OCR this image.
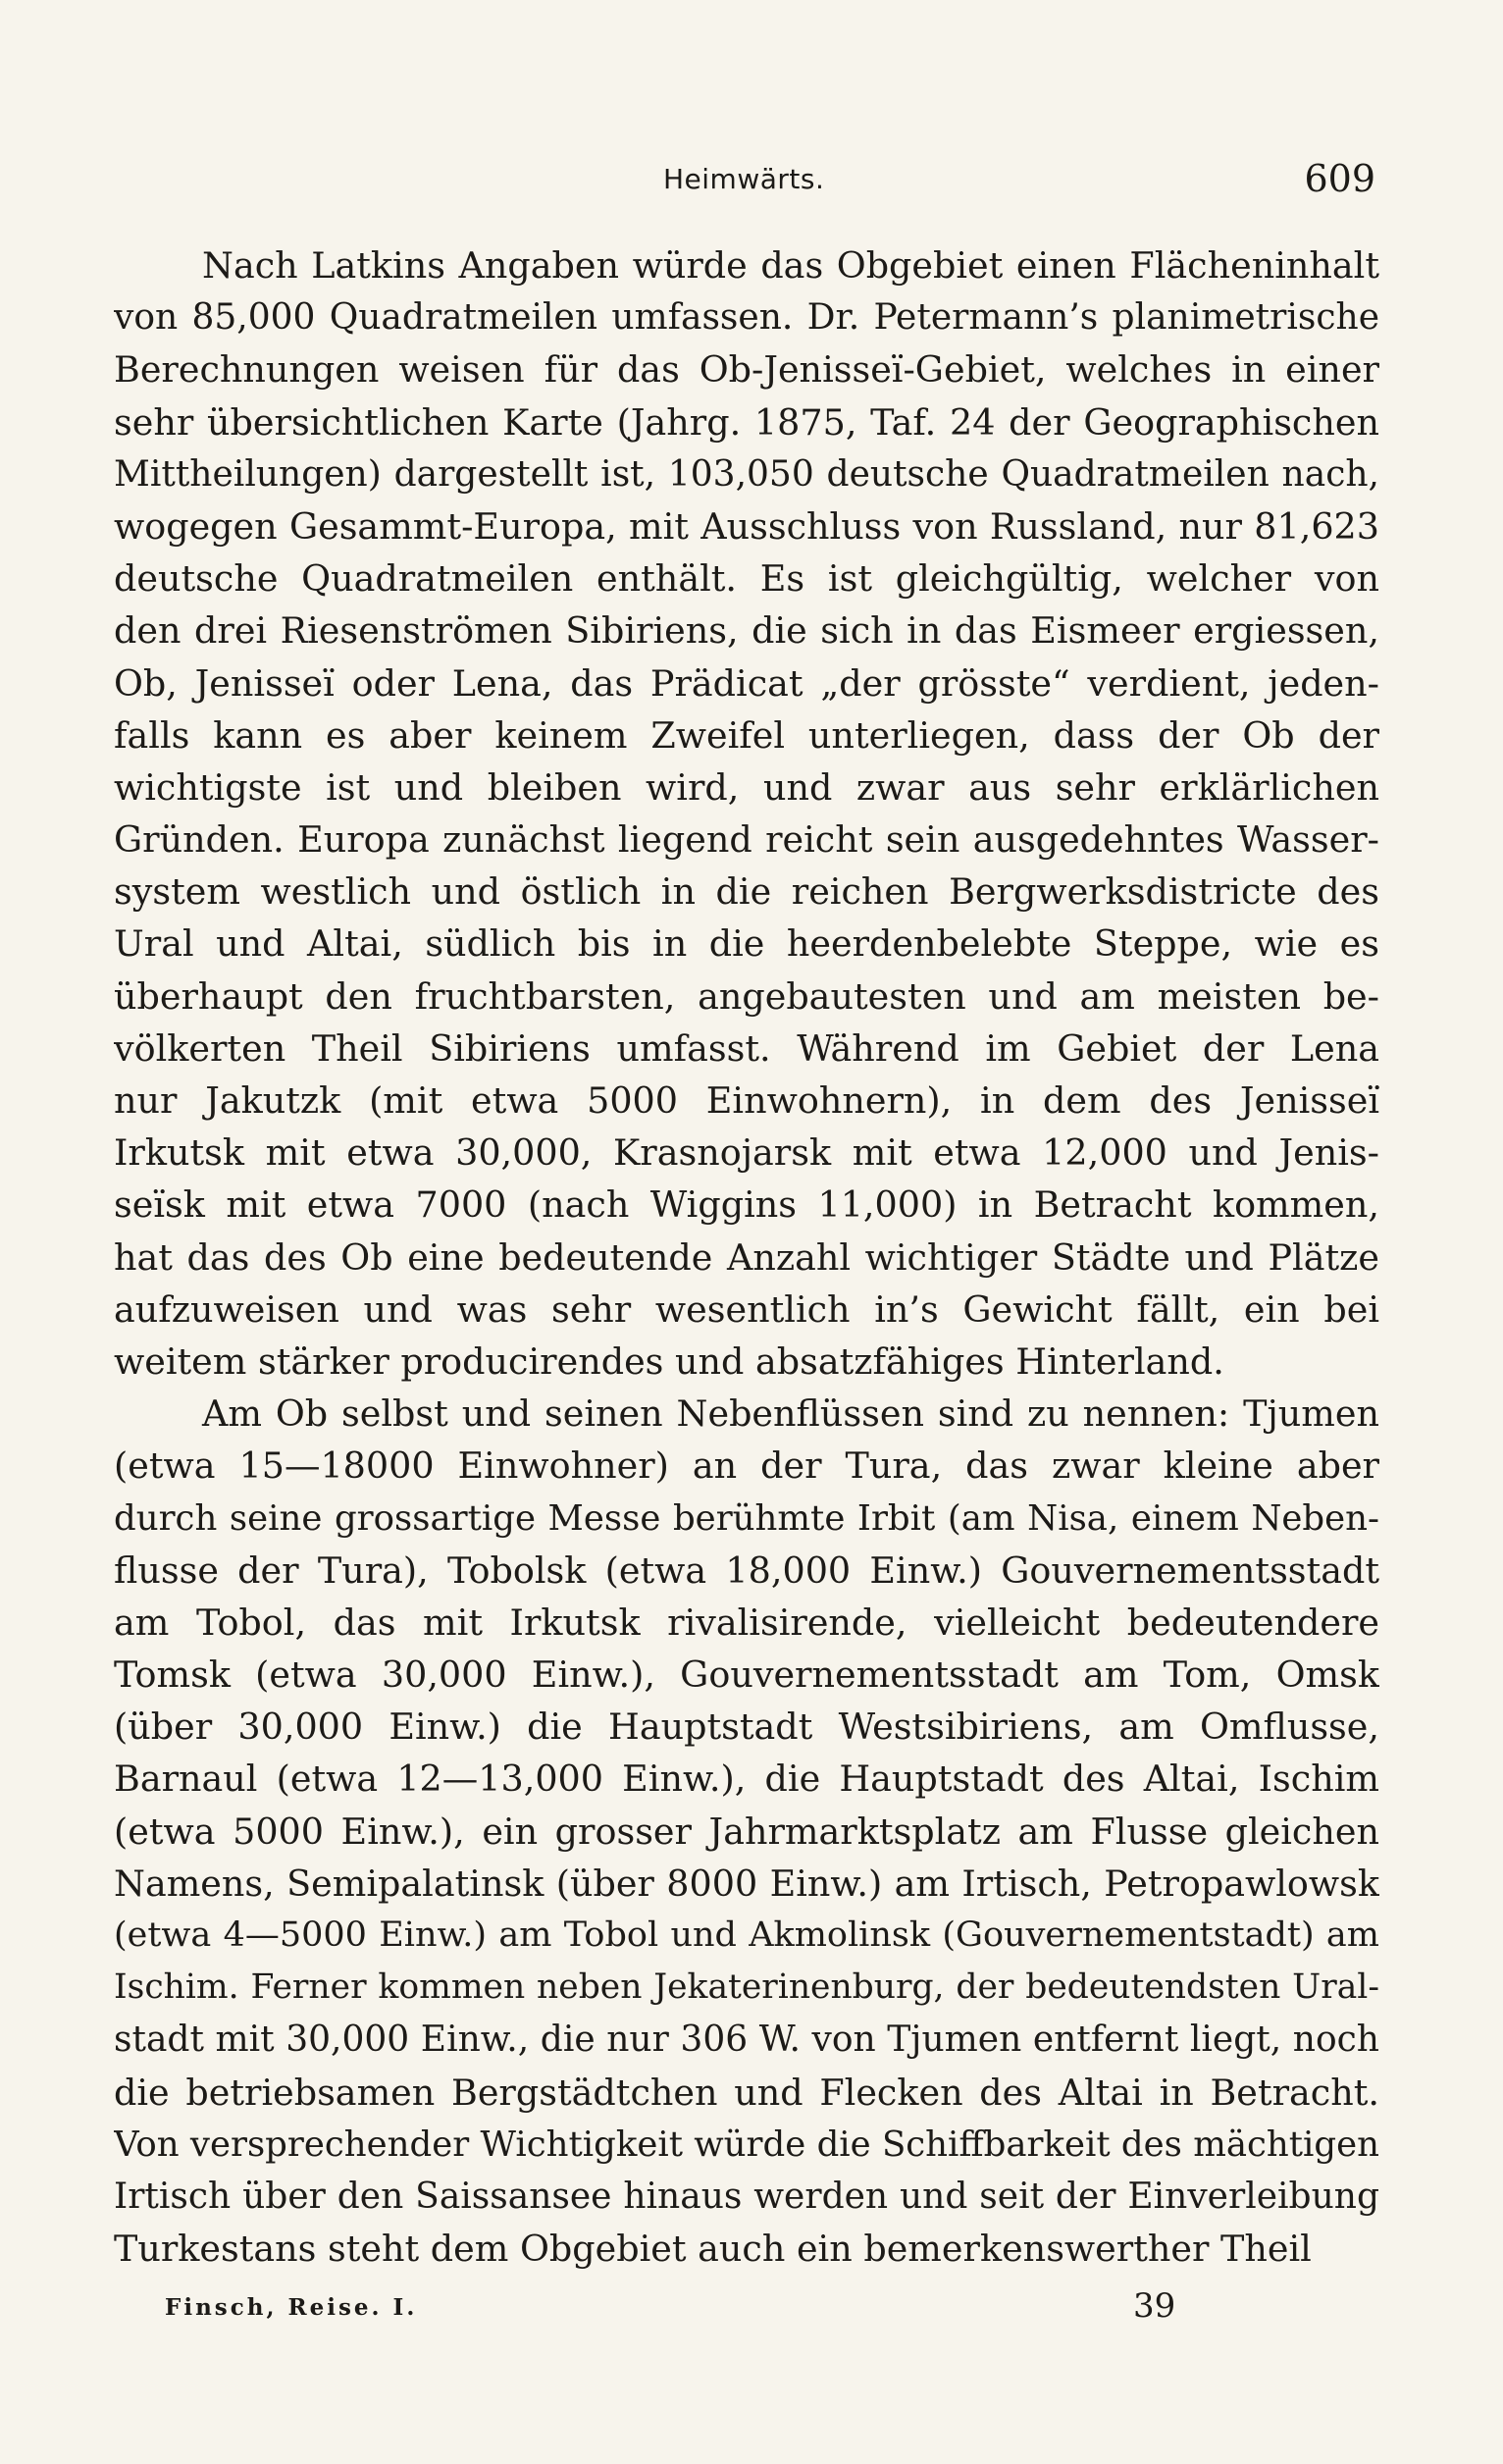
Heimwärts.	609
Nach Latkins Angaben würde das Obgebiet einen Flächeninhalt
von 85,000 Quadratmeilen umfassen. Dr. Petermann’s planimetrische
Berechnungen weisen für das Ob-Jenisseï-Gebiet, welches in einer
sehr übersichtlichen Karte (Jahrg. 1875, Taf. 24 der Geographischen
Mittheilungen) dargestellt ist, 103,050 deutsche Quadratmeilen nach,
wogegen Gesammt-Europa, mit Ausschluss von Russland, nur 81,623
deutsche Quadratmeilen enthält. Es ist gleichgültig, welcher von
den drei Riesenströmen Sibiriens, die sich in das Eismeer ergiessen,
Ob, Jenisseï oder Lena, das Prädicat „der grösste“ verdient, jeden-
falls kann es aber keinem Zweifel unterliegen, dass der Ob der
wichtigste ist und bleiben wird, und zwar aus sehr erklärlichen
Gründen. Europa zunächst liegend reicht sein ausgedehntes Wasser-
system westlich und östlich in die reichen Bergwerksdistricte des
Ural und Altai, südlich bis in die heerdenbelebte Steppe, wie es
überhaupt den fruchtbarsten, angebautesten und am meisten be-
völkerten Theil Sibiriens umfasst. Während im Gebiet der Lena
nur Jakutzk (mit etwa 5000 Einwohnern), in dem des Jenisseï
Irkutsk mit etwa 30,000, Krasnojarsk mit etwa 12,000 und Jenis-
seïsk mit etwa 7000 (nach Wiggins 11,000) in Betracht kommen,
hat das des Ob eine bedeutende Anzahl wichtiger Städte und Plätze
aufzuweisen und was sehr wesentlich in’s Gewicht fällt, ein bei
weitem stärker producirendes und absatzfähiges Hinterland.
Am Ob selbst und seinen Nebenflüssen sind zu nennen: Tjumen
(etwa 15—18000 Einwohner) an der Tura, das zwar kleine aber
durch seine grossartige Messe berühmte Irbit (am Nisa, einem Neben-
flusse der Tura), Tobolsk (etwa 18,000 Einw.) Gouvernementsstadt
am Tobol, das mit Irkutsk rivalisirende, vielleicht bedeutendere
Tomsk (etwa 30,000 Einw.), Gouvernementsstadt am Tom, Omsk
(über 30,000 Einw.) die Hauptstadt Westsibiriens, am Omflusse,
Barnaul (etwa 12—13,000 Einw.), die Hauptstadt des Altai, Ischim
(etwa 5000 Einw.), ein grosser Jahrmarktsplatz am Flusse gleichen
Namens, Semipalatinsk (über 8000 Einw.) am Irtisch, Petropawlowsk
(etwa 4—5000 Einw.) am Tobol und Akmolinsk (Gouvernementstadt) am
Ischim. Ferner kommen neben Jekaterinenburg, der bedeutendsten Ural-
stadt mit 30,000 Einw., die nur 306 W. von Tjumen entfernt liegt, noch
die betriebsamen Bergstädtchen und Flecken des Altai in Betracht.
Von versprechender Wichtigkeit würde die Schiffbarkeit des mächtigen
Irtisch über den Saissansee hinaus werden und seit der Einverleibung
Turkestans steht dem Obgebiet auch ein bemerkenswerther Theil
Finsch, Reise. I.	39
